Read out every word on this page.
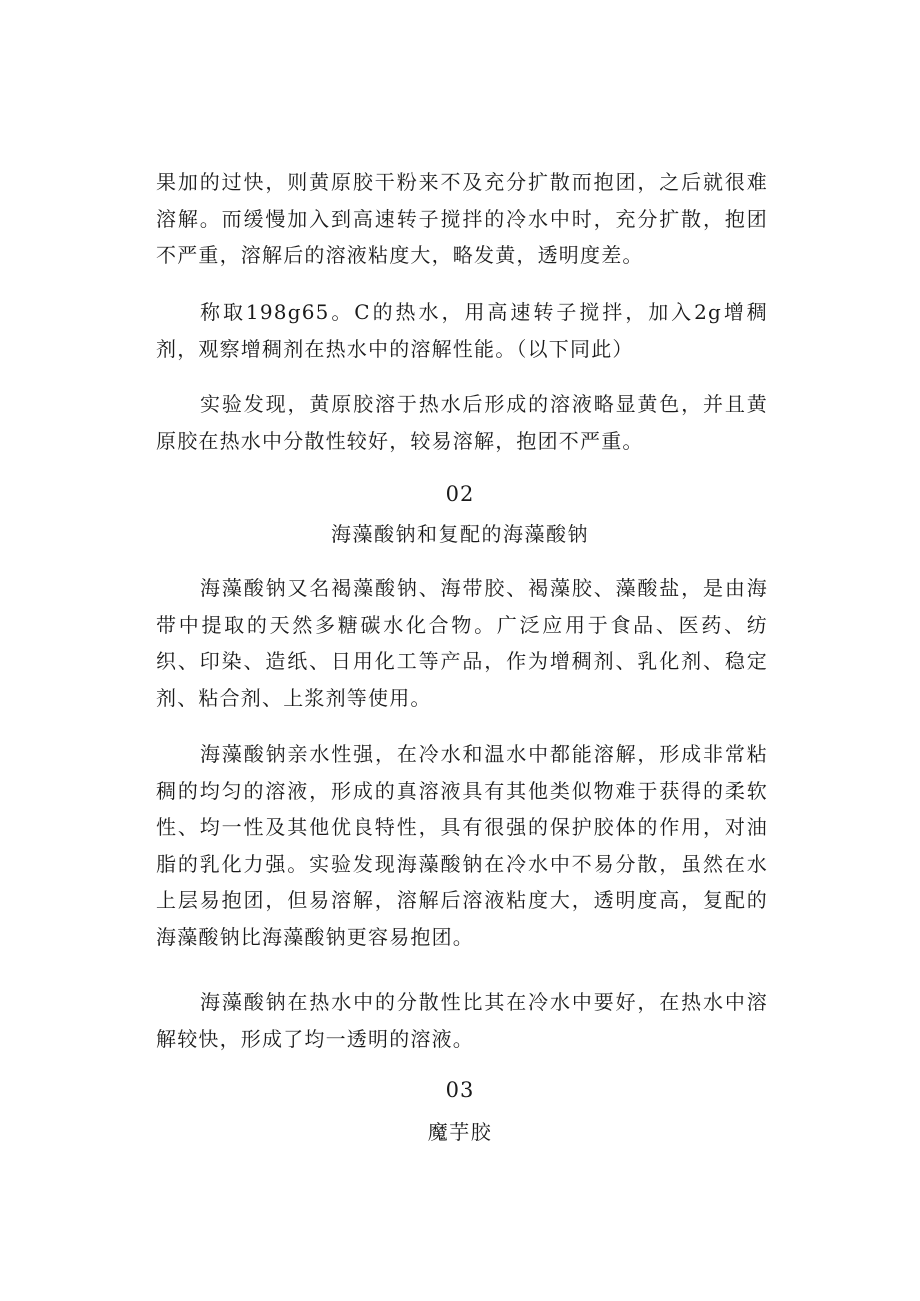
果加的过快，则黄原胶干粉来不及充分扩散而抱团，之后就很难溶解。而缓慢加入到高速转子搅拌的冷水中时，充分扩散，抱团不严重，溶解后的溶液粘度大，略发黄，透明度差。

称取198g65。C的热水，用高速转子搅拌，加入2g增稠剂，观察增稠剂在热水中的溶解性能。（以下同此）

实验发现，黄原胶溶于热水后形成的溶液略显黄色，并且黄原胶在热水中分散性较好，较易溶解，抱团不严重。

02

海藻酸钠和复配的海藻酸钠

海藻酸钠又名褐藻酸钠、海带胶、褐藻胶、藻酸盐，是由海带中提取的天然多糖碳水化合物。广泛应用于食品、医药、纺织、印染、造纸、日用化工等产品，作为增稠剂、乳化剂、稳定剂、粘合剂、上浆剂等使用。

海藻酸钠亲水性强，在冷水和温水中都能溶解，形成非常粘稠的均匀的溶液，形成的真溶液具有其他类似物难于获得的柔软性、均一性及其他优良特性，具有很强的保护胶体的作用，对油脂的乳化力强。实验发现海藻酸钠在冷水中不易分散，虽然在水上层易抱团，但易溶解，溶解后溶液粘度大，透明度高，复配的海藻酸钠比海藻酸钠更容易抱团。

海藻酸钠在热水中的分散性比其在冷水中要好，在热水中溶解较快，形成了均一透明的溶液。

03

魔芋胶
